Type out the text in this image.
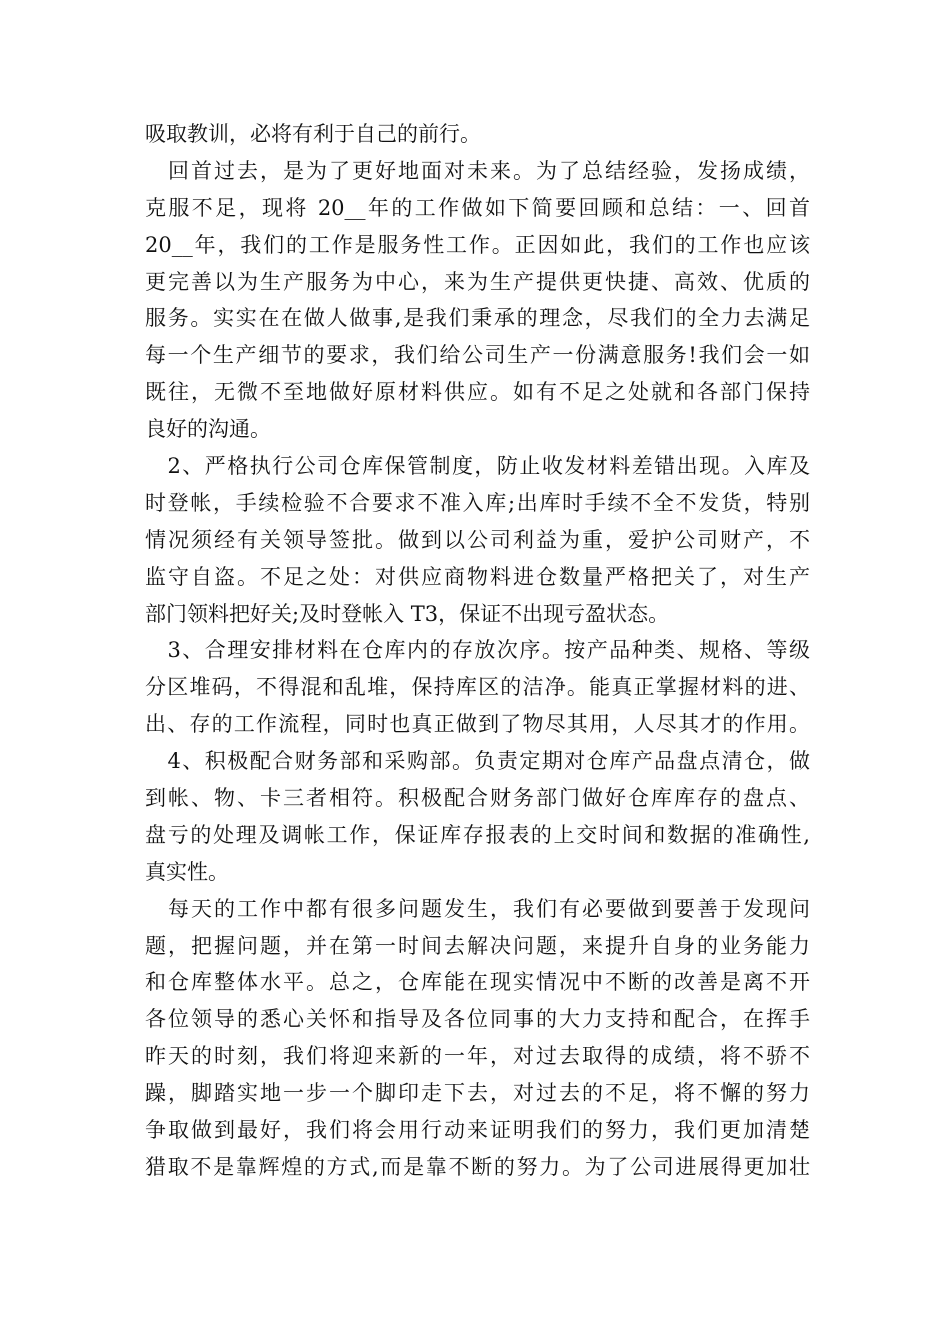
吸取教训，必将有利于自己的前行。
　回首过去，是为了更好地面对未来。为了总结经验，发扬成绩，
克服不足，现将 20__年的工作做如下简要回顾和总结：一、回首
20__年，我们的工作是服务性工作。正因如此，我们的工作也应该
更完善以为生产服务为中心，来为生产提供更快捷、高效、优质的
服务。实实在在做人做事,是我们秉承的理念，尽我们的全力去满足
每一个生产细节的要求，我们给公司生产一份满意服务!我们会一如
既往，无微不至地做好原材料供应。如有不足之处就和各部门保持
良好的沟通。
　2、严格执行公司仓库保管制度，防止收发材料差错出现。入库及
时登帐，手续检验不合要求不准入库;出库时手续不全不发货，特别
情况须经有关领导签批。做到以公司利益为重，爱护公司财产，不
监守自盗。不足之处：对供应商物料进仓数量严格把关了，对生产
部门领料把好关;及时登帐入 T3，保证不出现亏盈状态。
　3、合理安排材料在仓库内的存放次序。按产品种类、规格、等级
分区堆码，不得混和乱堆，保持库区的洁净。能真正掌握材料的进、
出、存的工作流程，同时也真正做到了物尽其用，人尽其才的作用。
　4、积极配合财务部和采购部。负责定期对仓库产品盘点清仓，做
到帐、物、卡三者相符。积极配合财务部门做好仓库库存的盘点、
盘亏的处理及调帐工作，保证库存报表的上交时间和数据的准确性,
真实性。
　每天的工作中都有很多问题发生，我们有必要做到要善于发现问
题，把握问题，并在第一时间去解决问题，来提升自身的业务能力
和仓库整体水平。总之，仓库能在现实情况中不断的改善是离不开
各位领导的悉心关怀和指导及各位同事的大力支持和配合，在挥手
昨天的时刻，我们将迎来新的一年，对过去取得的成绩，将不骄不
躁，脚踏实地一步一个脚印走下去，对过去的不足，将不懈的努力
争取做到最好，我们将会用行动来证明我们的努力，我们更加清楚
猎取不是靠辉煌的方式,而是靠不断的努力。为了公司进展得更加壮
